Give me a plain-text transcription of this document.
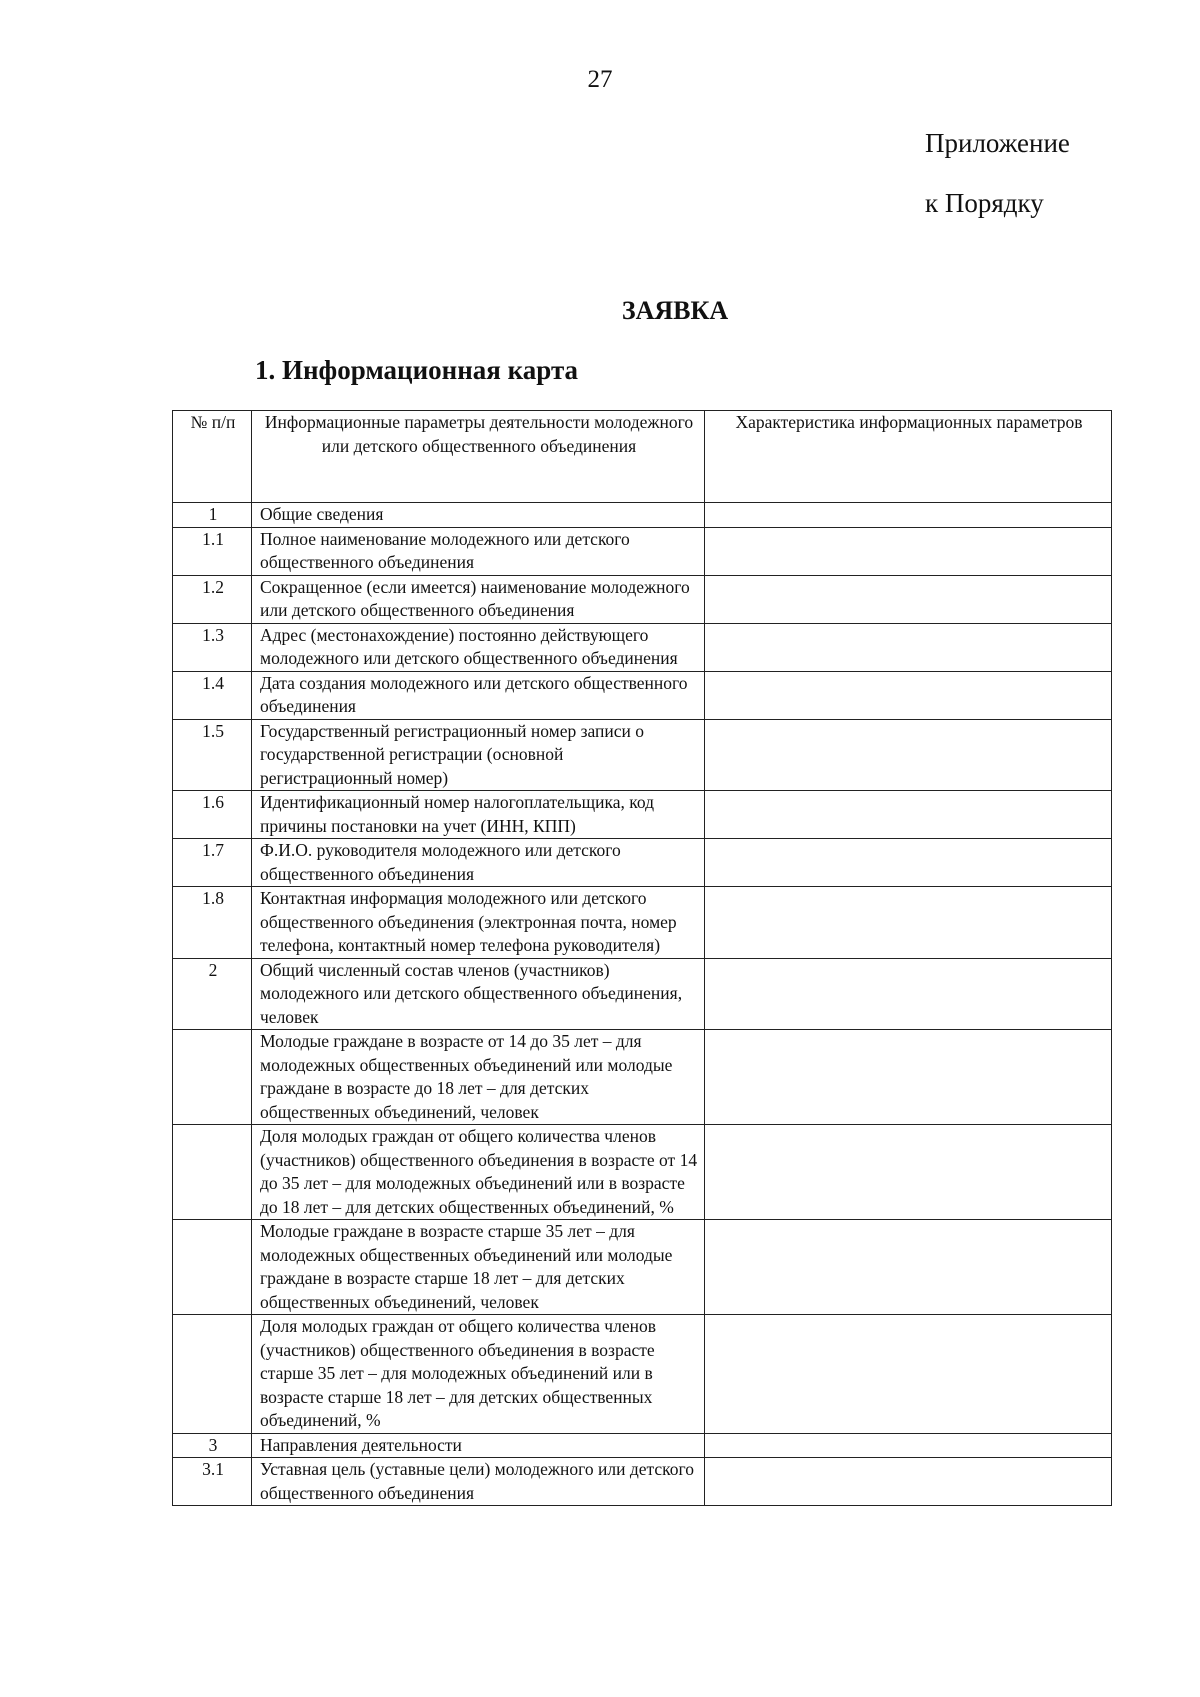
27
Приложение
к Порядку
ЗАЯВКА
1. Информационная карта
№ п/п	Информационные параметры деятельности молодежного или детского общественного объединения	Характеристика информационных параметров
1	Общие сведения	
1.1	Полное наименование молодежного или детского общественного объединения	
1.2	Сокращенное (если имеется) наименование молодежного или детского общественного объединения	
1.3	Адрес (местонахождение) постоянно действующего молодежного или детского общественного объединения	
1.4	Дата создания молодежного или детского общественного объединения	
1.5	Государственный регистрационный номер записи о государственной регистрации (основной регистрационный номер)	
1.6	Идентификационный номер налогоплательщика, код причины постановки на учет (ИНН, КПП)	
1.7	Ф.И.О. руководителя молодежного или детского общественного объединения	
1.8	Контактная информация молодежного или детского общественного объединения (электронная почта, номер телефона, контактный номер телефона руководителя)	
2	Общий численный состав членов (участников) молодежного или детского общественного объединения, человек	
	Молодые граждане в возрасте от 14 до 35 лет – для молодежных общественных объединений или молодые граждане в возрасте до 18 лет – для детских общественных объединений, человек	
	Доля молодых граждан от общего количества членов (участников) общественного объединения в возрасте от 14 до 35 лет – для молодежных объединений или в возрасте до 18 лет – для детских общественных объединений, %	
	Молодые граждане в возрасте старше 35 лет – для молодежных общественных объединений или молодые граждане в возрасте старше 18 лет – для детских общественных объединений, человек	
	Доля молодых граждан от общего количества членов (участников) общественного объединения в возрасте старше 35 лет – для молодежных объединений или в возрасте старше 18 лет – для детских общественных объединений, %	
3	Направления деятельности	
3.1	Уставная цель (уставные цели) молодежного или детского общественного объединения	
